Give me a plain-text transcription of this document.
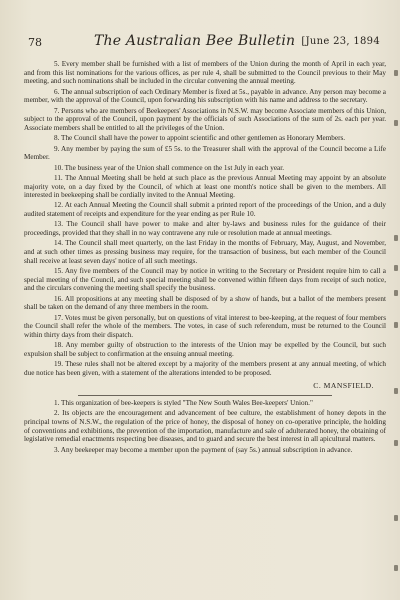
78	The Australian Bee Bulletin [June 23, 1894

5. Every member shall be furnished with a list of members of the Union during the month of April in each year, and from this list nominations for the various offices, as per rule 4, shall be submitted to the Council previous to their May meeting, and such nominations shall be included in the circular convening the annual meeting.

6. The annual subscription of each Ordinary Member is fixed at 5s., payable in advance. Any person may become a member, with the approval of the Council, upon forwarding his subscription with his name and address to the secretary.

7. Persons who are members of Beekeepers' Associations in N.S.W. may become Associate members of this Union, subject to the approval of the Council, upon payment by the officials of such Associations of the sum of 2s. each per year. Associate members shall be entitled to all the privileges of the Union.

8. The Council shall have the power to appoint scientific and other gentlemen as Honorary Members.

9. Any member by paying the sum of £5 5s. to the Treasurer shall with the approval of the Council become a Life Member.

10. The business year of the Union shall commence on the 1st July in each year.

11. The Annual Meeting shall be held at such place as the previous Annual Meeting may appoint by an absolute majority vote, on a day fixed by the Council, of which at least one month's notice shall be given to the members. All interested in beekeeping shall be cordially invited to the Annual Meeting.

12. At each Annual Meeting the Council shall submit a printed report of the proceedings of the Union, and a duly audited statement of receipts and expenditure for the year ending as per Rule 10.

13. The Council shall have power to make and alter by-laws and business rules for the guidance of their proceedings, provided that they shall in no way contravene any rule or resolution made at annual meetings.

14. The Council shall meet quarterly, on the last Friday in the months of February, May, August, and November, and at such other times as pressing business may require, for the transaction of business, but each member of the Council shall receive at least seven days' notice of all such meetings.

15. Any five members of the Council may by notice in writing to the Secretary or President require him to call a special meeting of the Council, and such special meeting shall be convened within fifteen days from receipt of such notice, and the circulars convening the meeting shall specify the business.

16. All propositions at any meeting shall be disposed of by a show of hands, but a ballot of the members present shall be taken on the demand of any three members in the room.

17. Votes must be given personally, but on questions of vital interest to bee-keeping, at the request of four members the Council shall refer the whole of the members. The votes, in case of such referendum, must be returned to the Council within thirty days from their dispatch.

18. Any member guilty of obstruction to the interests of the Union may be expelled by the Council, but such expulsion shall be subject to confirmation at the ensuing annual meeting.

19. These rules shall not be altered except by a majority of the members present at any annual meeting, of which due notice has been given, with a statement of the alterations intended to be proposed.

C. MANSFIELD.

1. This organization of bee-keepers is styled "The New South Wales Bee-keepers' Union."

2. Its objects are the encouragement and advancement of bee culture, the establishment of honey depots in the principal towns of N.S.W., the regulation of the price of honey, the disposal of honey on co-operative principle, the holding of conventions and exhibitions, the prevention of the importation, manufacture and sale of adulterated honey, the obtaining of legislative remedial enactments respecting bee diseases, and to guard and secure the best interest in all apicultural matters.

3. Any beekeeper may become a member upon the payment of (say 5s.) annual subscription in advance.
